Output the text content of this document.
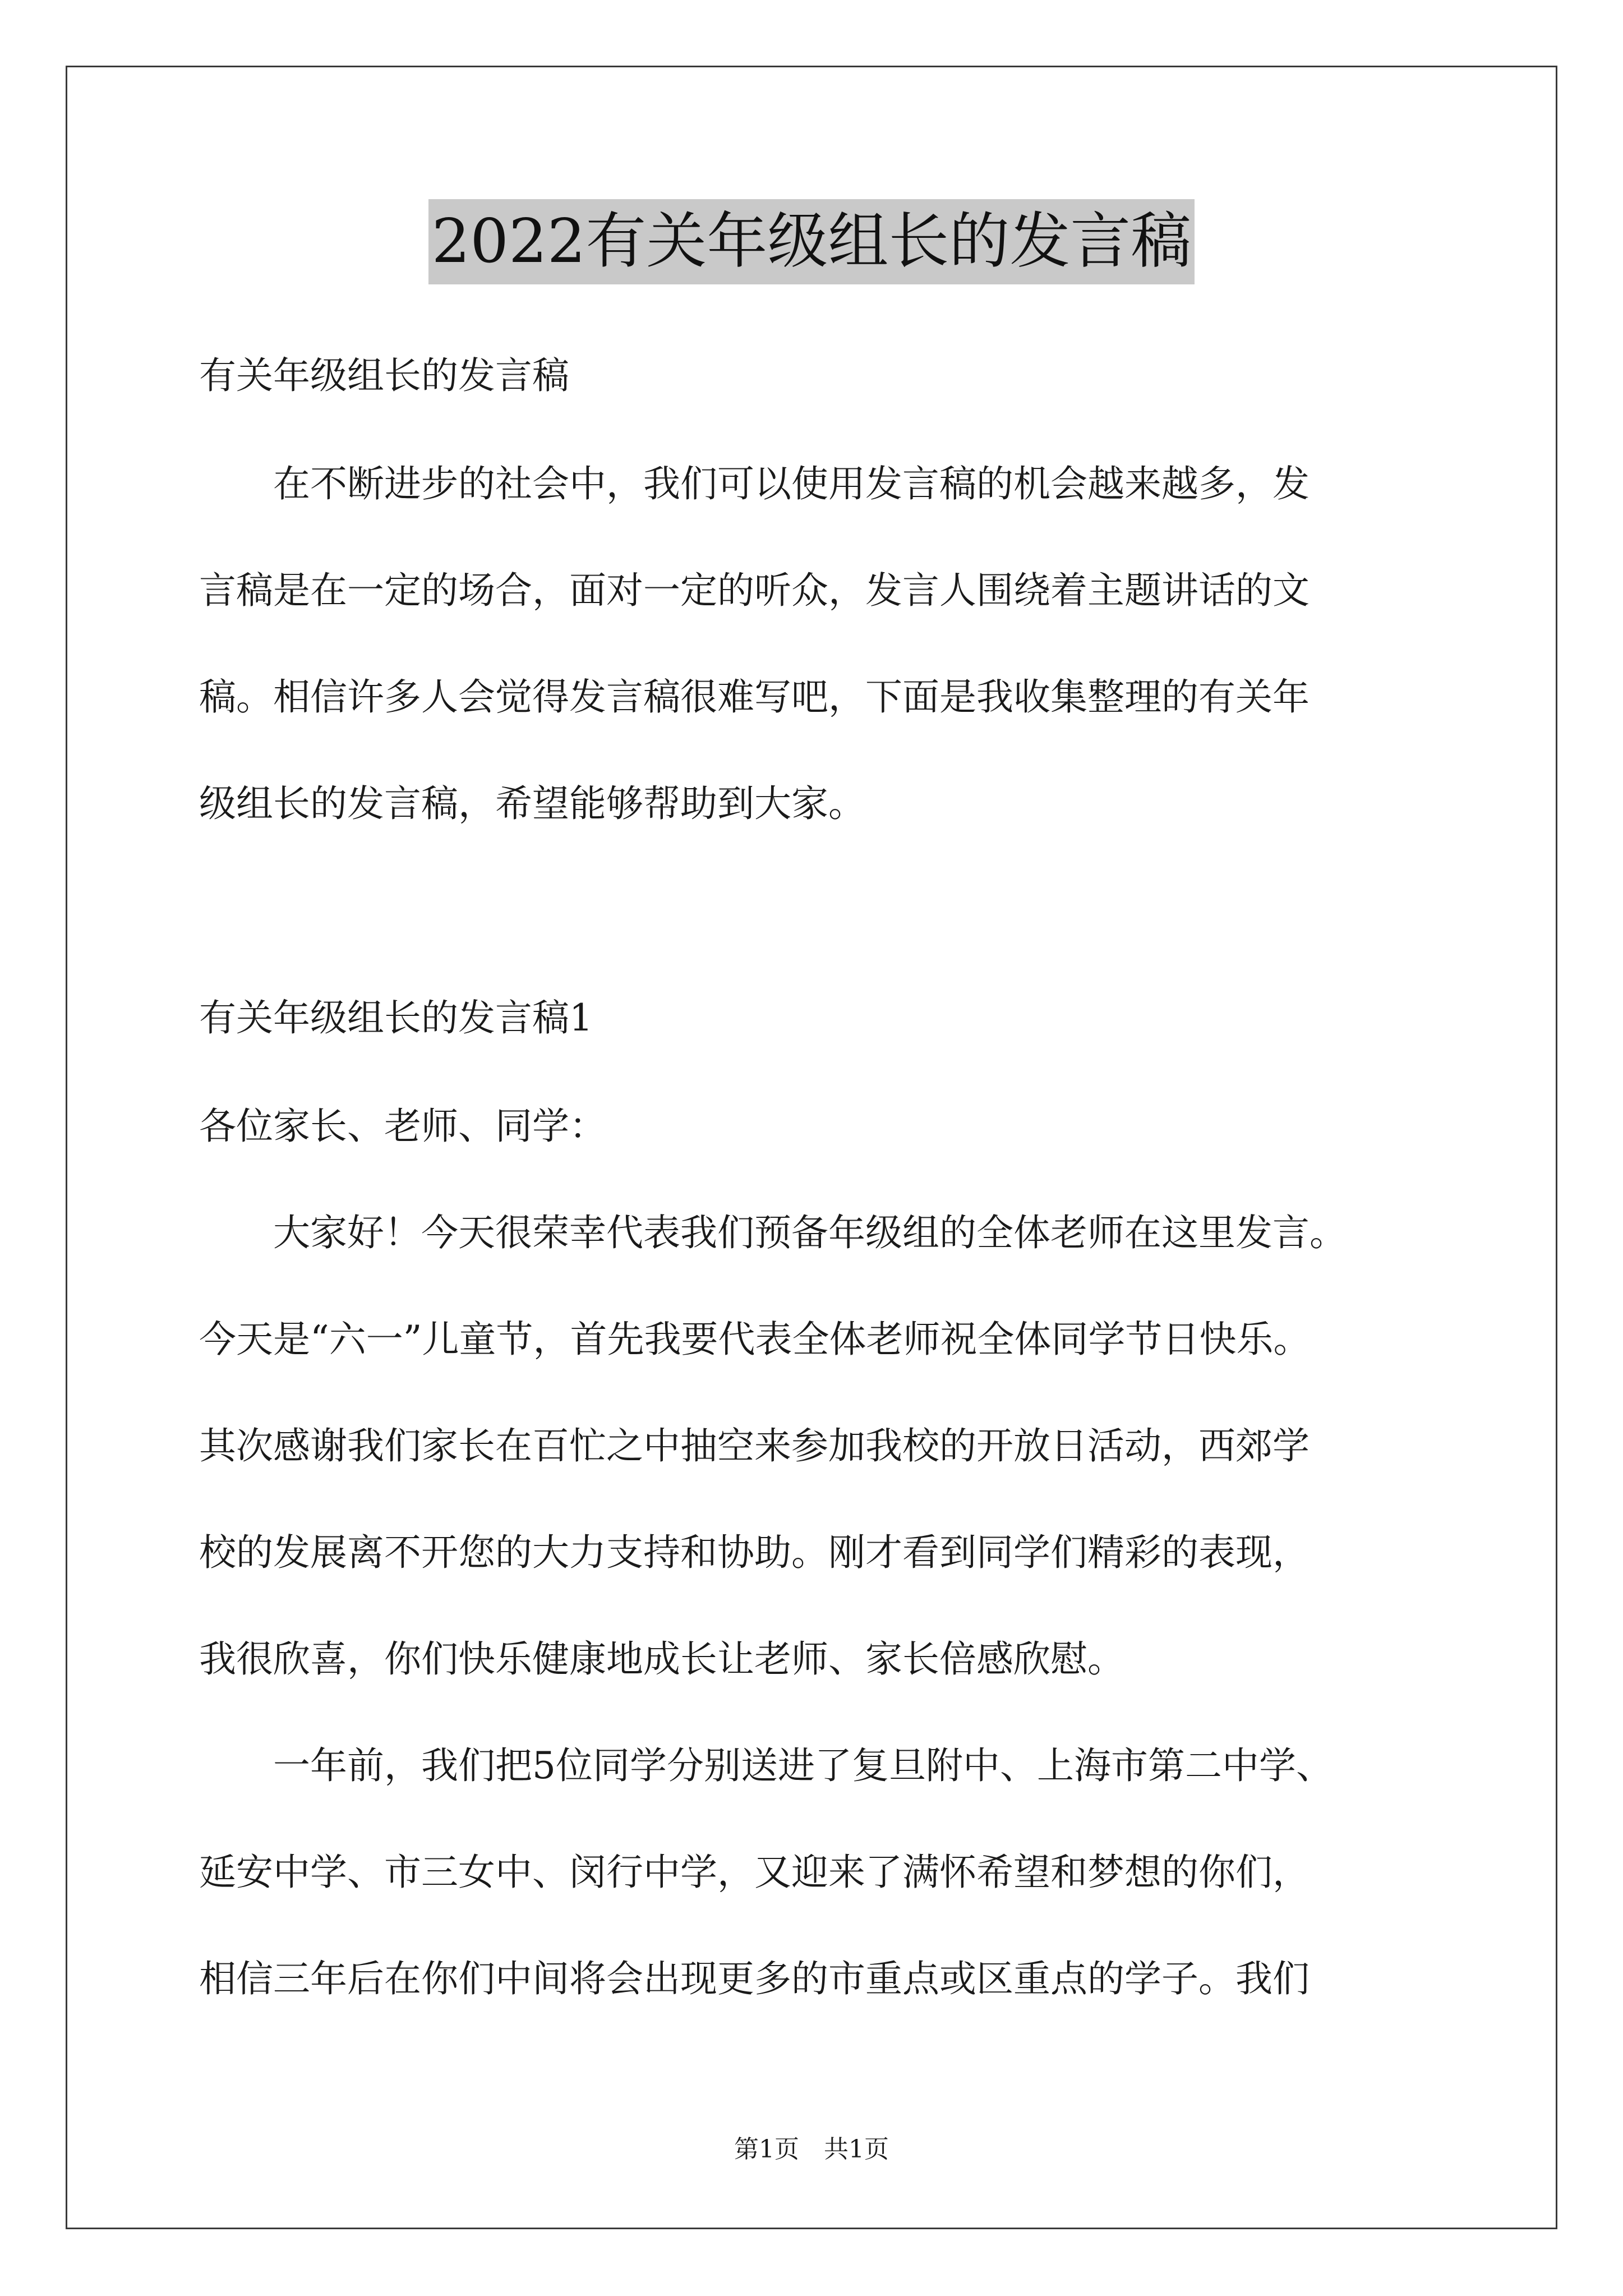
2022有关年级组长的发言稿
有关年级组长的发言稿
　　在不断进步的社会中，我们可以使用发言稿的机会越来越多，发
言稿是在一定的场合，面对一定的听众，发言人围绕着主题讲话的文
稿。相信许多人会觉得发言稿很难写吧，下面是我收集整理的有关年
级组长的发言稿，希望能够帮助到大家。
有关年级组长的发言稿1
各位家长、老师、同学：
　　大家好！今天很荣幸代表我们预备年级组的全体老师在这里发言。
今天是“六一”儿童节，首先我要代表全体老师祝全体同学节日快乐。
其次感谢我们家长在百忙之中抽空来参加我校的开放日活动，西郊学
校的发展离不开您的大力支持和协助。刚才看到同学们精彩的表现，
我很欣喜，你们快乐健康地成长让老师、家长倍感欣慰。
　　一年前，我们把5位同学分别送进了复旦附中、上海市第二中学、
延安中学、市三女中、闵行中学，又迎来了满怀希望和梦想的你们，
相信三年后在你们中间将会出现更多的市重点或区重点的学子。我们
第1页　共1页
